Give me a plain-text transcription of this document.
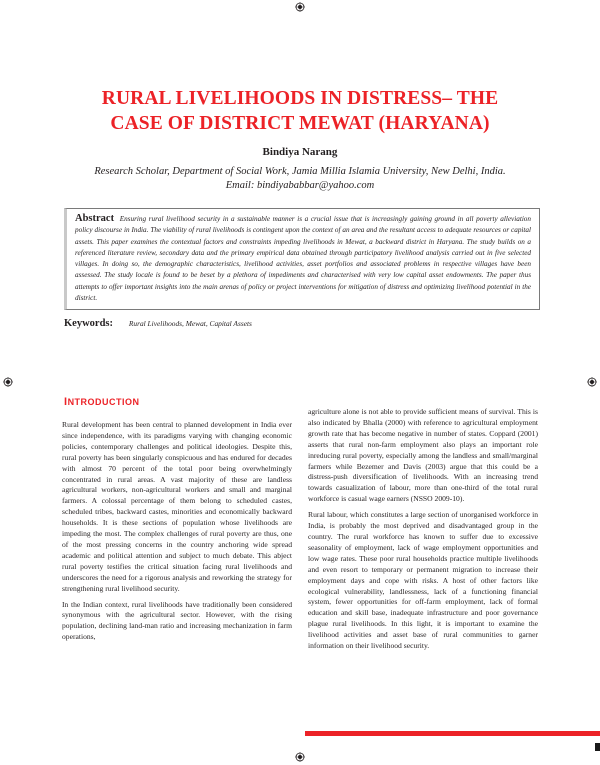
RURAL LIVELIHOODS IN DISTRESS– THE
CASE OF DISTRICT MEWAT (HARYANA)

Bindiya Narang

Research Scholar, Department of Social Work, Jamia Millia Islamia University, New Delhi, India.
Email: bindiyababbar@yahoo.com
Abstract Ensuring rural livelihood security in a sustainable manner is a crucial issue that is increasingly gaining ground in all poverty alleviation policy discourse in India. The viability of rural livelihoods is contingent upon the context of an area and the resultant access to adequate resources or capital assets. This paper examines the contextual factors and constraints impeding livelihoods in Mewat, a backward district in Haryana. The study builds on a referenced literature review, secondary data and the primary empirical data obtained through participatory livelihood analysis carried out in five selected villages. In doing so, the demographic characteristics, livelihood activities, asset portfolios and associated problems in respective villages have been assessed. The study locale is found to be beset by a plethora of impediments and characterised with very low capital asset endowments. The paper thus attempts to offer important insights into the main arenas of policy or project interventions for mitigation of distress and optimizing livelihood potential in the district.
Keywords: Rural Livelihoods, Mewat, Capital Assets
INTRODUCTION

Rural development has been central to planned development in India ever since independence, with its paradigms varying with changing economic policies, contemporary challenges and political ideologies. Despite this, rural poverty has been singularly conspicuous and has endured for decades with almost 70 percent of the total poor being overwhelmingly concentrated in rural areas. A vast majority of these are landless agricultural workers, non-agricultural workers and small and marginal farmers. A colossal percentage of them belong to scheduled castes, scheduled tribes, backward castes, minorities and economically backward households. It is these sections of population whose livelihoods are impeding the most. The complex challenges of rural poverty are thus, one of the most pressing concerns in the country anchoring wide spread academic and political attention and subject to much debate. This abject rural poverty testifies the critical situation facing rural livelihoods and underscores the need for a rigorous analysis and reworking the strategy for strengthening rural livelihood security.

In the Indian context, rural livelihoods have traditionally been considered synonymous with the agricultural sector. However, with the rising population, declining land-man ratio and increasing mechanization in farm operations,

agriculture alone is not able to provide sufficient means of survival. This is also indicated by Bhalla (2000) with reference to agricultural employment growth rate that has become negative in number of states. Coppard (2001) asserts that rural non-farm employment also plays an important role inreducing rural poverty, especially among the landless and small/marginal farmers while Bezemer and Davis (2003) argue that this could be a distress-push diversification of livelihoods. With an increasing trend towards casualization of labour, more than one-third of the total rural workforce is casual wage earners (NSSO 2009-10).

Rural labour, which constitutes a large section of unorganised workforce in India, is probably the most deprived and disadvantaged group in the country. The rural workforce has known to suffer due to excessive seasonality of employment, lack of wage employment opportunities and low wage rates. These poor rural households practice multiple livelihoods and even resort to temporary or permanent migration to increase their employment days and cope with risks. A host of other factors like ecological vulnerability, landlessness, lack of a functioning financial system, fewer opportunities for off-farm employment, lack of formal education and skill base, inadequate infrastructure and poor governance plague rural livelihoods. In this light, it is important to examine the livelihood activities and asset base of rural communities to garner information on their livelihood security.
